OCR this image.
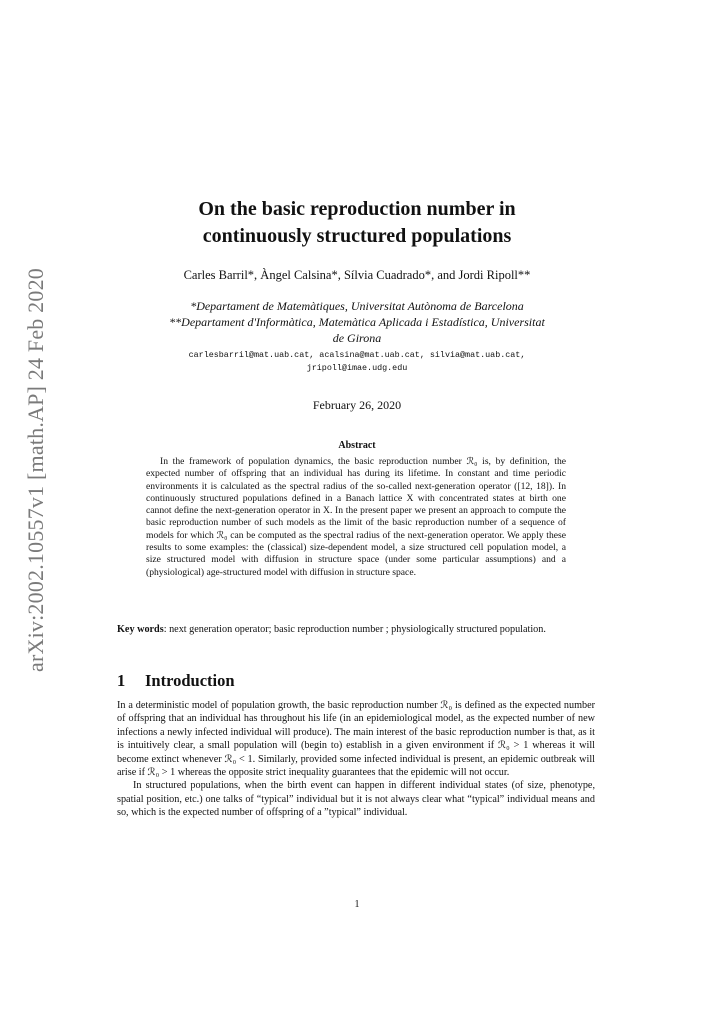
arXiv:2002.10557v1 [math.AP] 24 Feb 2020
On the basic reproduction number in
continuously structured populations
Carles Barril*, Àngel Calsina*, Sílvia Cuadrado*, and Jordi Ripoll**
*Departament de Matemàtiques, Universitat Autònoma de Barcelona
**Departament d'Informàtica, Matemàtica Aplicada i Estadística, Universitat
de Girona
carlesbarril@mat.uab.cat, acalsina@mat.uab.cat, silvia@mat.uab.cat,
jripoll@imae.udg.edu
February 26, 2020
Abstract
In the framework of population dynamics, the basic reproduction number ℛ₀ is, by definition, the expected number of offspring that an individual has during its lifetime. In constant and time periodic environments it is calculated as the spectral radius of the so-called next-generation operator ([12, 18]). In continuously structured populations defined in a Banach lattice X with concentrated states at birth one cannot define the next-generation operator in X. In the present paper we present an approach to compute the basic reproduction number of such models as the limit of the basic reproduction number of a sequence of models for which ℛ₀ can be computed as the spectral radius of the next-generation operator. We apply these results to some examples: the (classical) size-dependent model, a size structured cell population model, a size structured model with diffusion in structure space (under some particular assumptions) and a (physiological) age-structured model with diffusion in structure space.
Key words: next generation operator; basic reproduction number ; physiologically structured population.
1 Introduction

In a deterministic model of population growth, the basic reproduction number ℛ₀ is defined as the expected number of offspring that an individual has throughout his life (in an epidemiological model, as the expected number of new infections a newly infected individual will produce). The main interest of the basic reproduction number is that, as it is intuitively clear, a small population will (begin to) establish in a given environment if ℛ₀ > 1 whereas it will become extinct whenever ℛ₀ < 1. Similarly, provided some infected individual is present, an epidemic outbreak will arise if ℛ₀ > 1 whereas the opposite strict inequality guarantees that the epidemic will not occur.

In structured populations, when the birth event can happen in different individual states (of size, phenotype, spatial position, etc.) one talks of “typical” individual but it is not always clear what “typical” individual means and so, which is the expected number of offspring of a ”typical” individual.

1
